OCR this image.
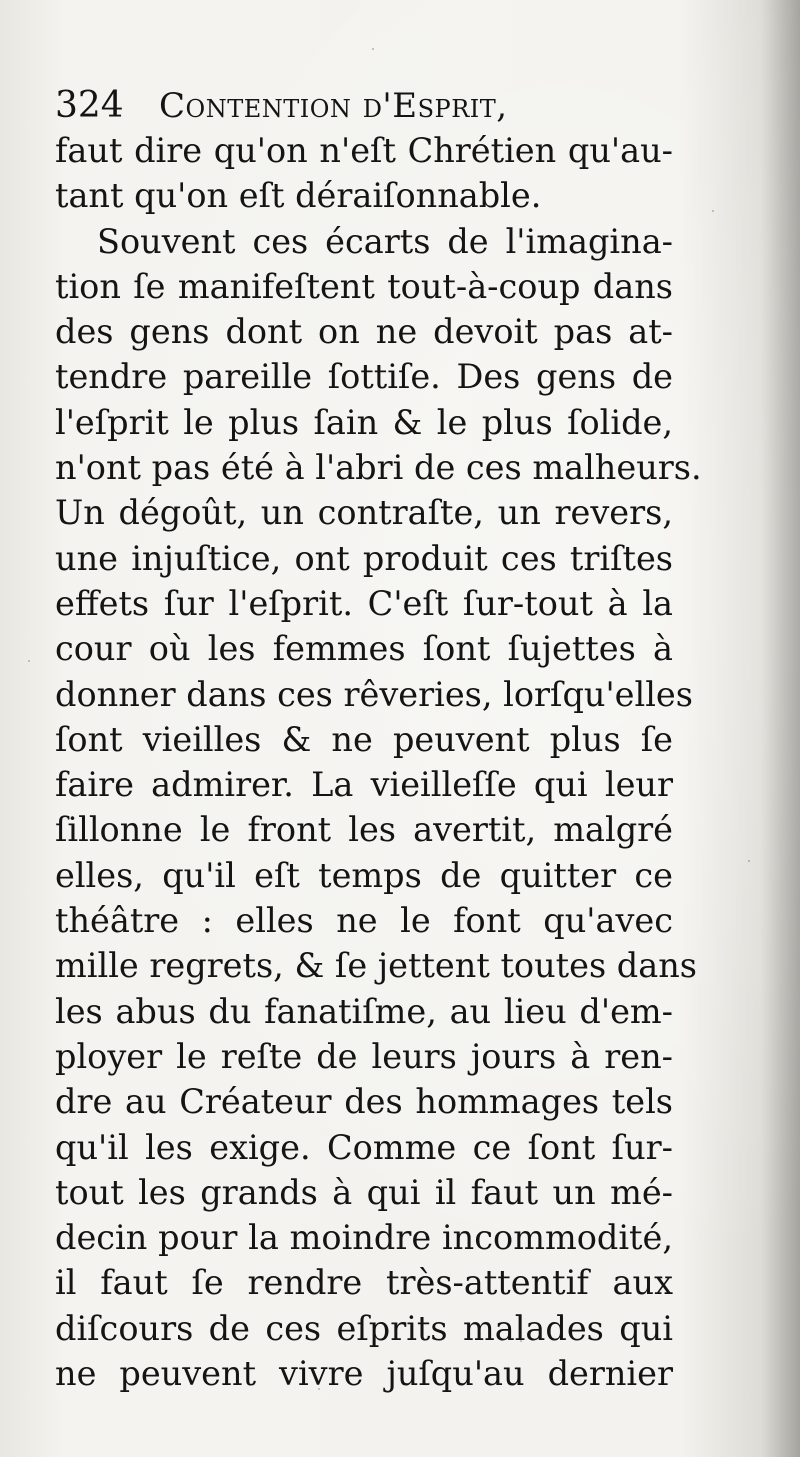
324 Contention d'Esprit,
faut dire qu'on n'eſt Chrétien qu'au-
tant qu'on eſt déraiſonnable.
Souvent ces écarts de l'imagina-
tion ſe manifeſtent tout-à-coup dans
des gens dont on ne devoit pas at-
tendre pareille ſottiſe. Des gens de
l'eſprit le plus ſain & le plus ſolide,
n'ont pas été à l'abri de ces malheurs.
Un dégoût, un contraſte, un revers,
une injuſtice, ont produit ces triſtes
effets ſur l'eſprit. C'eſt ſur-tout à la
cour où les femmes ſont ſujettes à
donner dans ces rêveries, lorſqu'elles
ſont vieilles & ne peuvent plus ſe
faire admirer. La vieilleſſe qui leur
ſillonne le front les avertit, malgré
elles, qu'il eſt temps de quitter ce
théâtre : elles ne le font qu'avec
mille regrets, & ſe jettent toutes dans
les abus du fanatiſme, au lieu d'em-
ployer le reſte de leurs jours à ren-
dre au Créateur des hommages tels
qu'il les exige. Comme ce ſont ſur-
tout les grands à qui il faut un mé-
decin pour la moindre incommodité,
il faut ſe rendre très-attentif aux
diſcours de ces eſprits malades qui
ne peuvent vivre juſqu'au dernier
